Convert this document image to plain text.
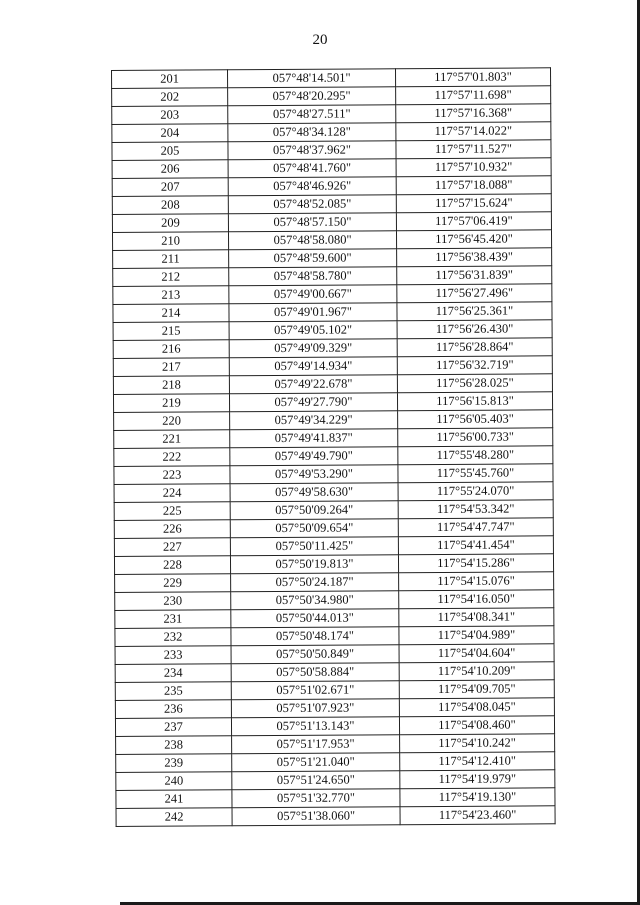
20
201	057°48'14.501"	117°57'01.803"
202	057°48'20.295"	117°57'11.698"
203	057°48'27.511"	117°57'16.368"
204	057°48'34.128"	117°57'14.022"
205	057°48'37.962"	117°57'11.527"
206	057°48'41.760"	117°57'10.932"
207	057°48'46.926"	117°57'18.088"
208	057°48'52.085"	117°57'15.624"
209	057°48'57.150"	117°57'06.419"
210	057°48'58.080"	117°56'45.420"
211	057°48'59.600"	117°56'38.439"
212	057°48'58.780"	117°56'31.839"
213	057°49'00.667"	117°56'27.496"
214	057°49'01.967"	117°56'25.361"
215	057°49'05.102"	117°56'26.430"
216	057°49'09.329"	117°56'28.864"
217	057°49'14.934"	117°56'32.719"
218	057°49'22.678"	117°56'28.025"
219	057°49'27.790"	117°56'15.813"
220	057°49'34.229"	117°56'05.403"
221	057°49'41.837"	117°56'00.733"
222	057°49'49.790"	117°55'48.280"
223	057°49'53.290"	117°55'45.760"
224	057°49'58.630"	117°55'24.070"
225	057°50'09.264"	117°54'53.342"
226	057°50'09.654"	117°54'47.747"
227	057°50'11.425"	117°54'41.454"
228	057°50'19.813"	117°54'15.286"
229	057°50'24.187"	117°54'15.076"
230	057°50'34.980"	117°54'16.050"
231	057°50'44.013"	117°54'08.341"
232	057°50'48.174"	117°54'04.989"
233	057°50'50.849"	117°54'04.604"
234	057°50'58.884"	117°54'10.209"
235	057°51'02.671"	117°54'09.705"
236	057°51'07.923"	117°54'08.045"
237	057°51'13.143"	117°54'08.460"
238	057°51'17.953"	117°54'10.242"
239	057°51'21.040"	117°54'12.410"
240	057°51'24.650"	117°54'19.979"
241	057°51'32.770"	117°54'19.130"
242	057°51'38.060"	117°54'23.460"
